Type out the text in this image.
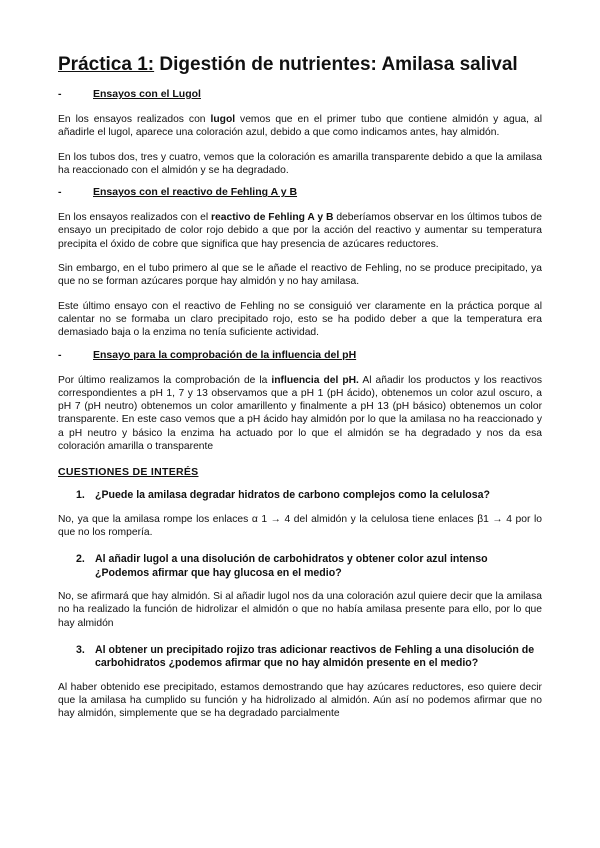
Práctica 1: Digestión de nutrientes: Amilasa salival
-	Ensayos con el Lugol

En los ensayos realizados con lugol vemos que en el primer tubo que contiene almidón y agua, al añadirle el lugol, aparece una coloración azul, debido a que como indicamos antes, hay almidón.

En los tubos dos, tres y cuatro, vemos que la coloración es amarilla transparente debido a que la amilasa ha reaccionado con el almidón y se ha degradado.

-	Ensayos con el reactivo de Fehling A y B

En los ensayos realizados con el reactivo de Fehling A y B deberíamos observar en los últimos tubos de ensayo un precipitado de color rojo debido a que por la acción del reactivo y aumentar su temperatura precipita el óxido de cobre que significa que hay presencia de azúcares reductores.

Sin embargo, en el tubo primero al que se le añade el reactivo de Fehling, no se produce precipitado, ya que no se forman azúcares porque hay almidón y no hay amilasa.

Este último ensayo con el reactivo de Fehling no se consiguió ver claramente en la práctica porque al calentar no se formaba un claro precipitado rojo, esto se ha podido deber a que la temperatura era demasiado baja o la enzima no tenía suficiente actividad.

-	Ensayo para la comprobación de la influencia del pH

Por último realizamos la comprobación de la influencia del pH. Al añadir los productos y los reactivos correspondientes a pH 1, 7 y 13 observamos que a pH 1 (pH ácido), obtenemos un color azul oscuro, a pH 7 (pH neutro) obtenemos un color amarillento y finalmente a pH 13 (pH básico) obtenemos un color transparente. En este caso vemos que a pH ácido hay almidón por lo que la amilasa no ha reaccionado y a pH neutro y básico la enzima ha actuado por lo que el almidón se ha degradado y nos da esa coloración amarilla o transparente

CUESTIONES DE INTERÉS
1. ¿Puede la amilasa degradar hidratos de carbono complejos como la celulosa?

No, ya que la amilasa rompe los enlaces α 1 → 4 del almidón y la celulosa tiene enlaces β1 → 4 por lo que no los rompería.

2. Al añadir lugol a una disolución de carbohidratos y obtener color azul intenso ¿Podemos afirmar que hay glucosa en el medio?

No, se afirmará que hay almidón. Si al añadir lugol nos da una coloración azul quiere decir que la amilasa no ha realizado la función de hidrolizar el almidón o que no había amilasa presente para ello, por lo que hay almidón

3. Al obtener un precipitado rojizo tras adicionar reactivos de Fehling a una disolución de carbohidratos ¿podemos afirmar que no hay almidón presente en el medio?

Al haber obtenido ese precipitado, estamos demostrando que hay azúcares reductores, eso quiere decir que la amilasa ha cumplido su función y ha hidrolizado al almidón. Aún así no podemos afirmar que no hay almidón, simplemente que se ha degradado parcialmente
